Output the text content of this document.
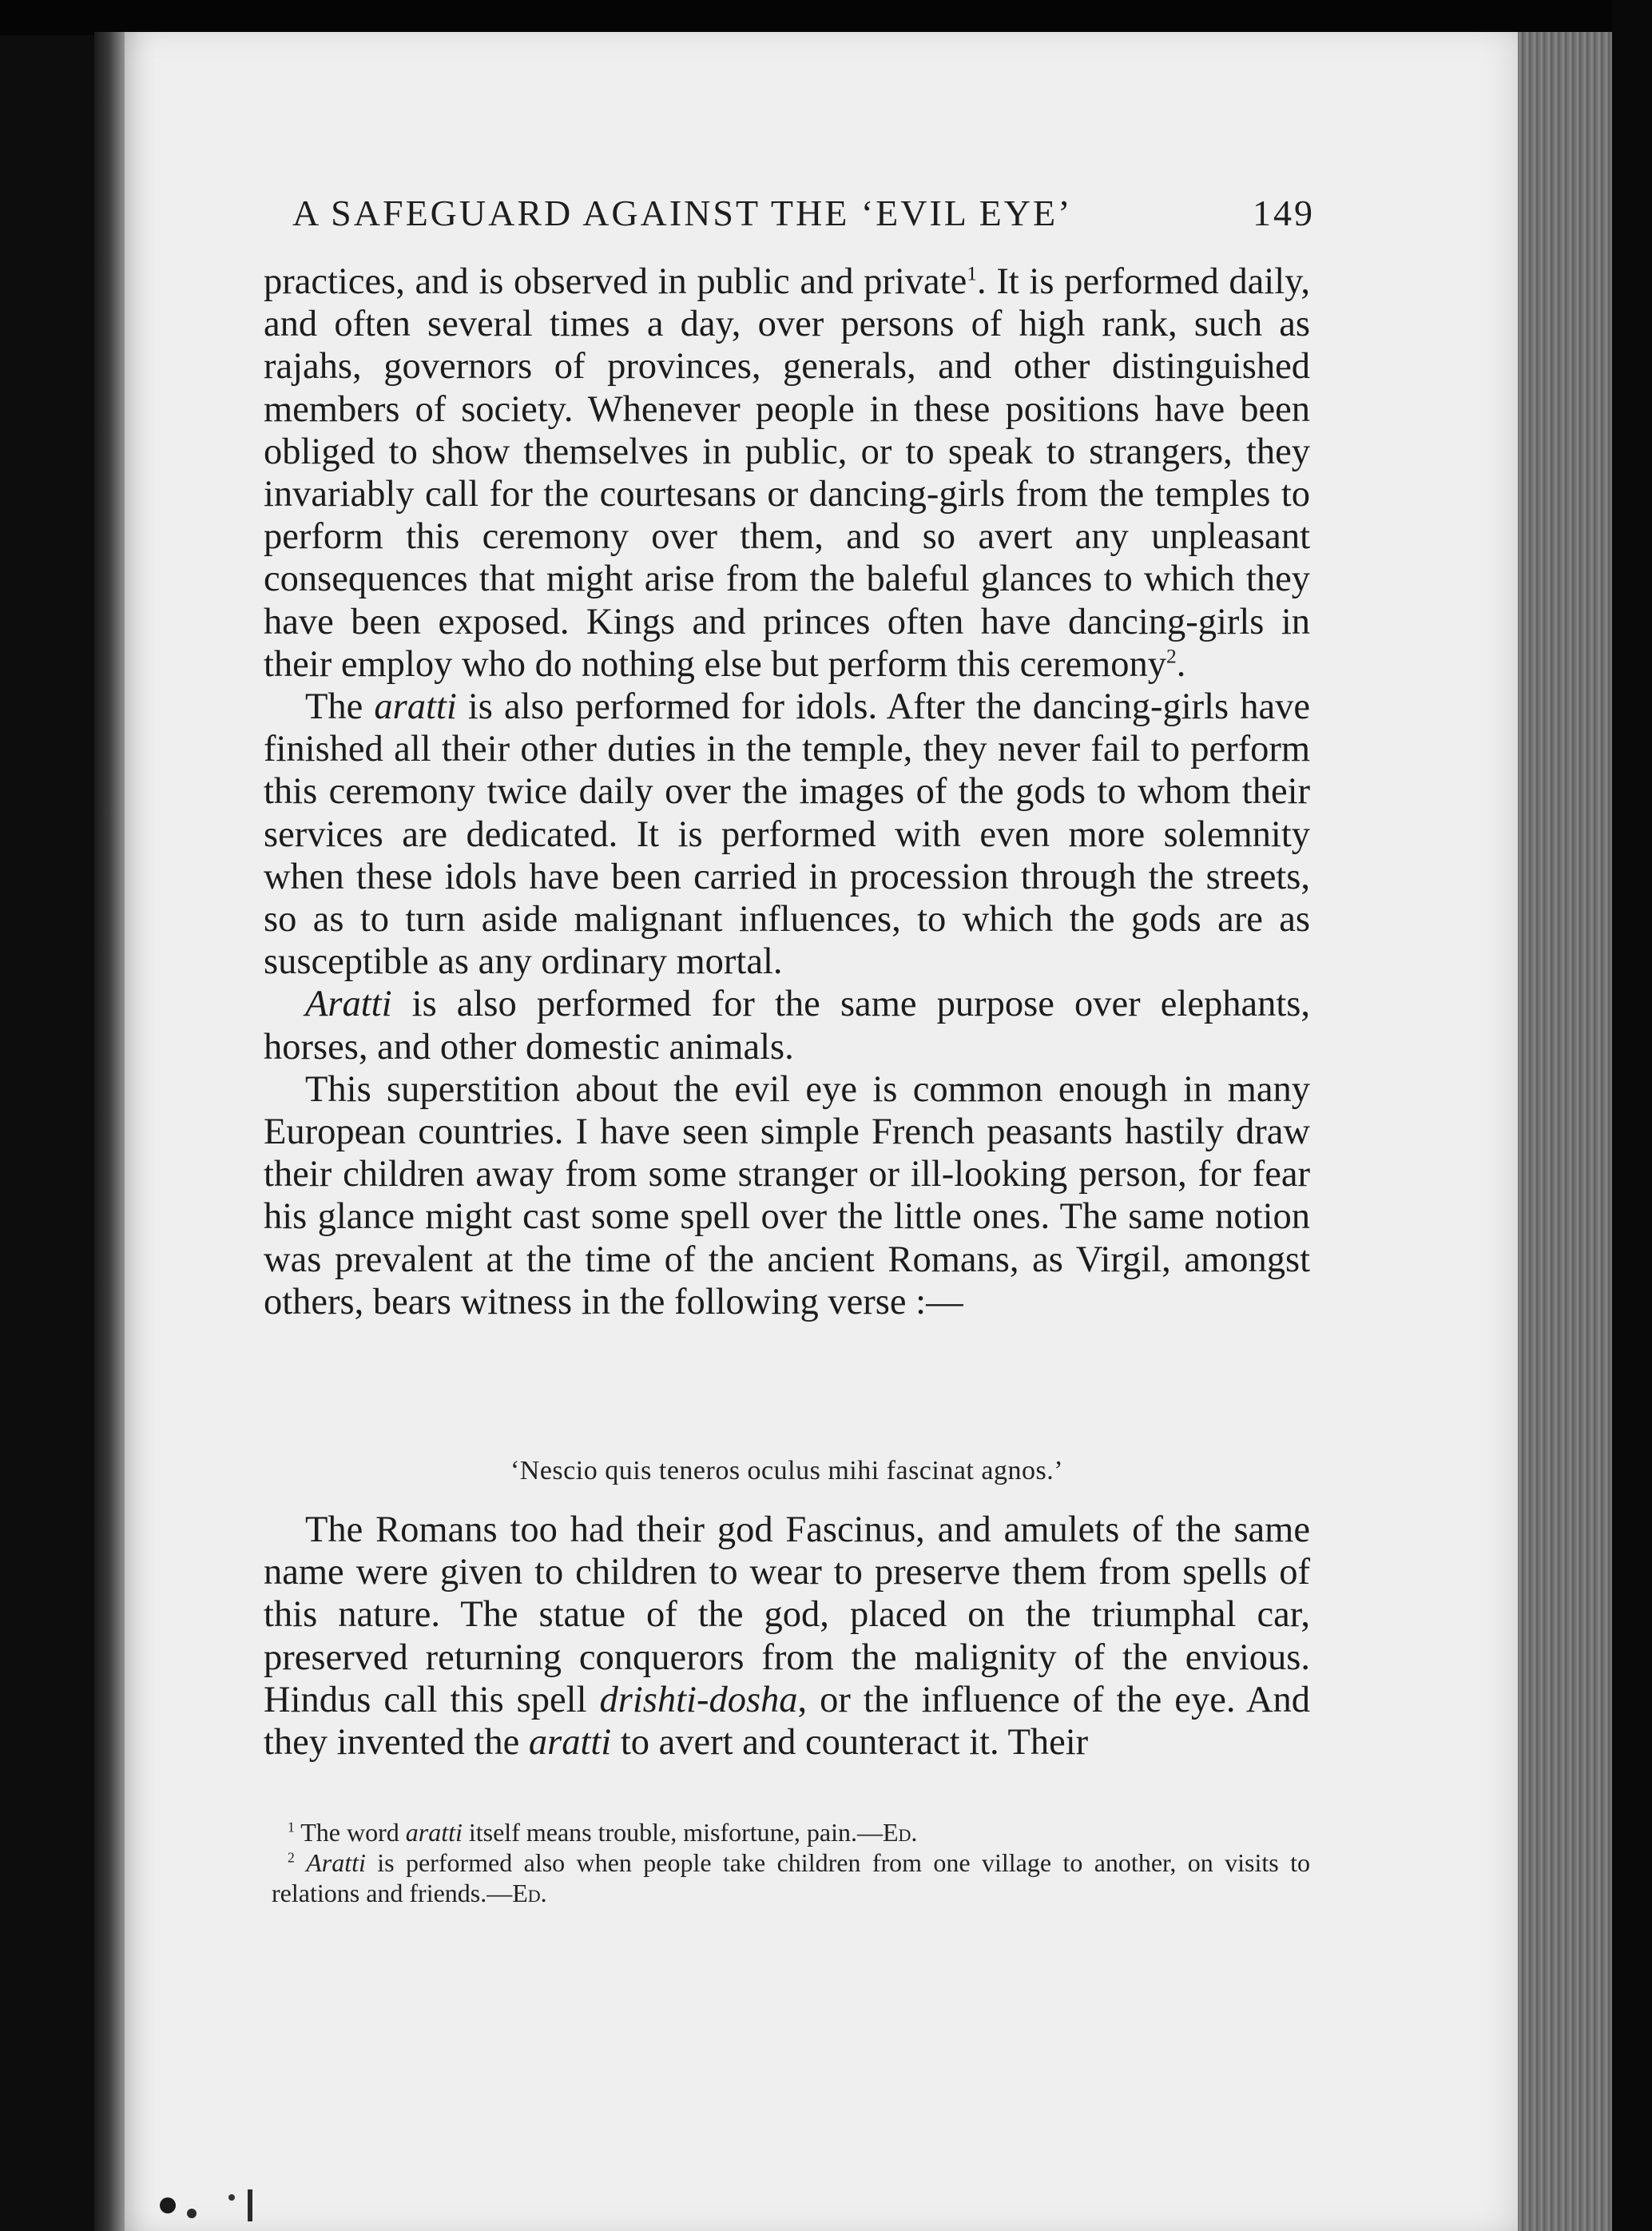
A SAFEGUARD AGAINST THE ‘EVIL EYE’	149

practices, and is observed in public and private$^1$. It is performed daily, and often several times a day, over persons of high rank, such as rajahs, governors of provinces, generals, and other distinguished members of society. Whenever people in these positions have been obliged to show themselves in public, or to speak to strangers, they invariably call for the courtesans or dancing-girls from the temples to perform this ceremony over them, and so avert any unpleasant consequences that might arise from the baleful glances to which they have been exposed. Kings and princes often have dancing-girls in their employ who do nothing else but perform this ceremony$^2$.

The aratti is also performed for idols. After the dancing-girls have finished all their other duties in the temple, they never fail to perform this ceremony twice daily over the images of the gods to whom their services are dedicated. It is performed with even more solemnity when these idols have been carried in procession through the streets, so as to turn aside malignant influences, to which the gods are as susceptible as any ordinary mortal.

Aratti is also performed for the same purpose over elephants, horses, and other domestic animals.

This superstition about the evil eye is common enough in many European countries. I have seen simple French peasants hastily draw their children away from some stranger or ill-looking person, for fear his glance might cast some spell over the little ones. The same notion was prevalent at the time of the ancient Romans, as Virgil, amongst others, bears witness in the following verse :—

‘Nescio quis teneros oculus mihi fascinat agnos.’

The Romans too had their god Fascinus, and amulets of the same name were given to children to wear to preserve them from spells of this nature. The statue of the god, placed on the triumphal car, preserved returning conquerors from the malignity of the envious. Hindus call this spell drishti-dosha, or the influence of the eye. And they invented the aratti to avert and counteract it. Their

$^1$ The word aratti itself means trouble, misfortune, pain.—Ed.

$^2$ Aratti is performed also when people take children from one village to another, on visits to relations and friends.—Ed.
